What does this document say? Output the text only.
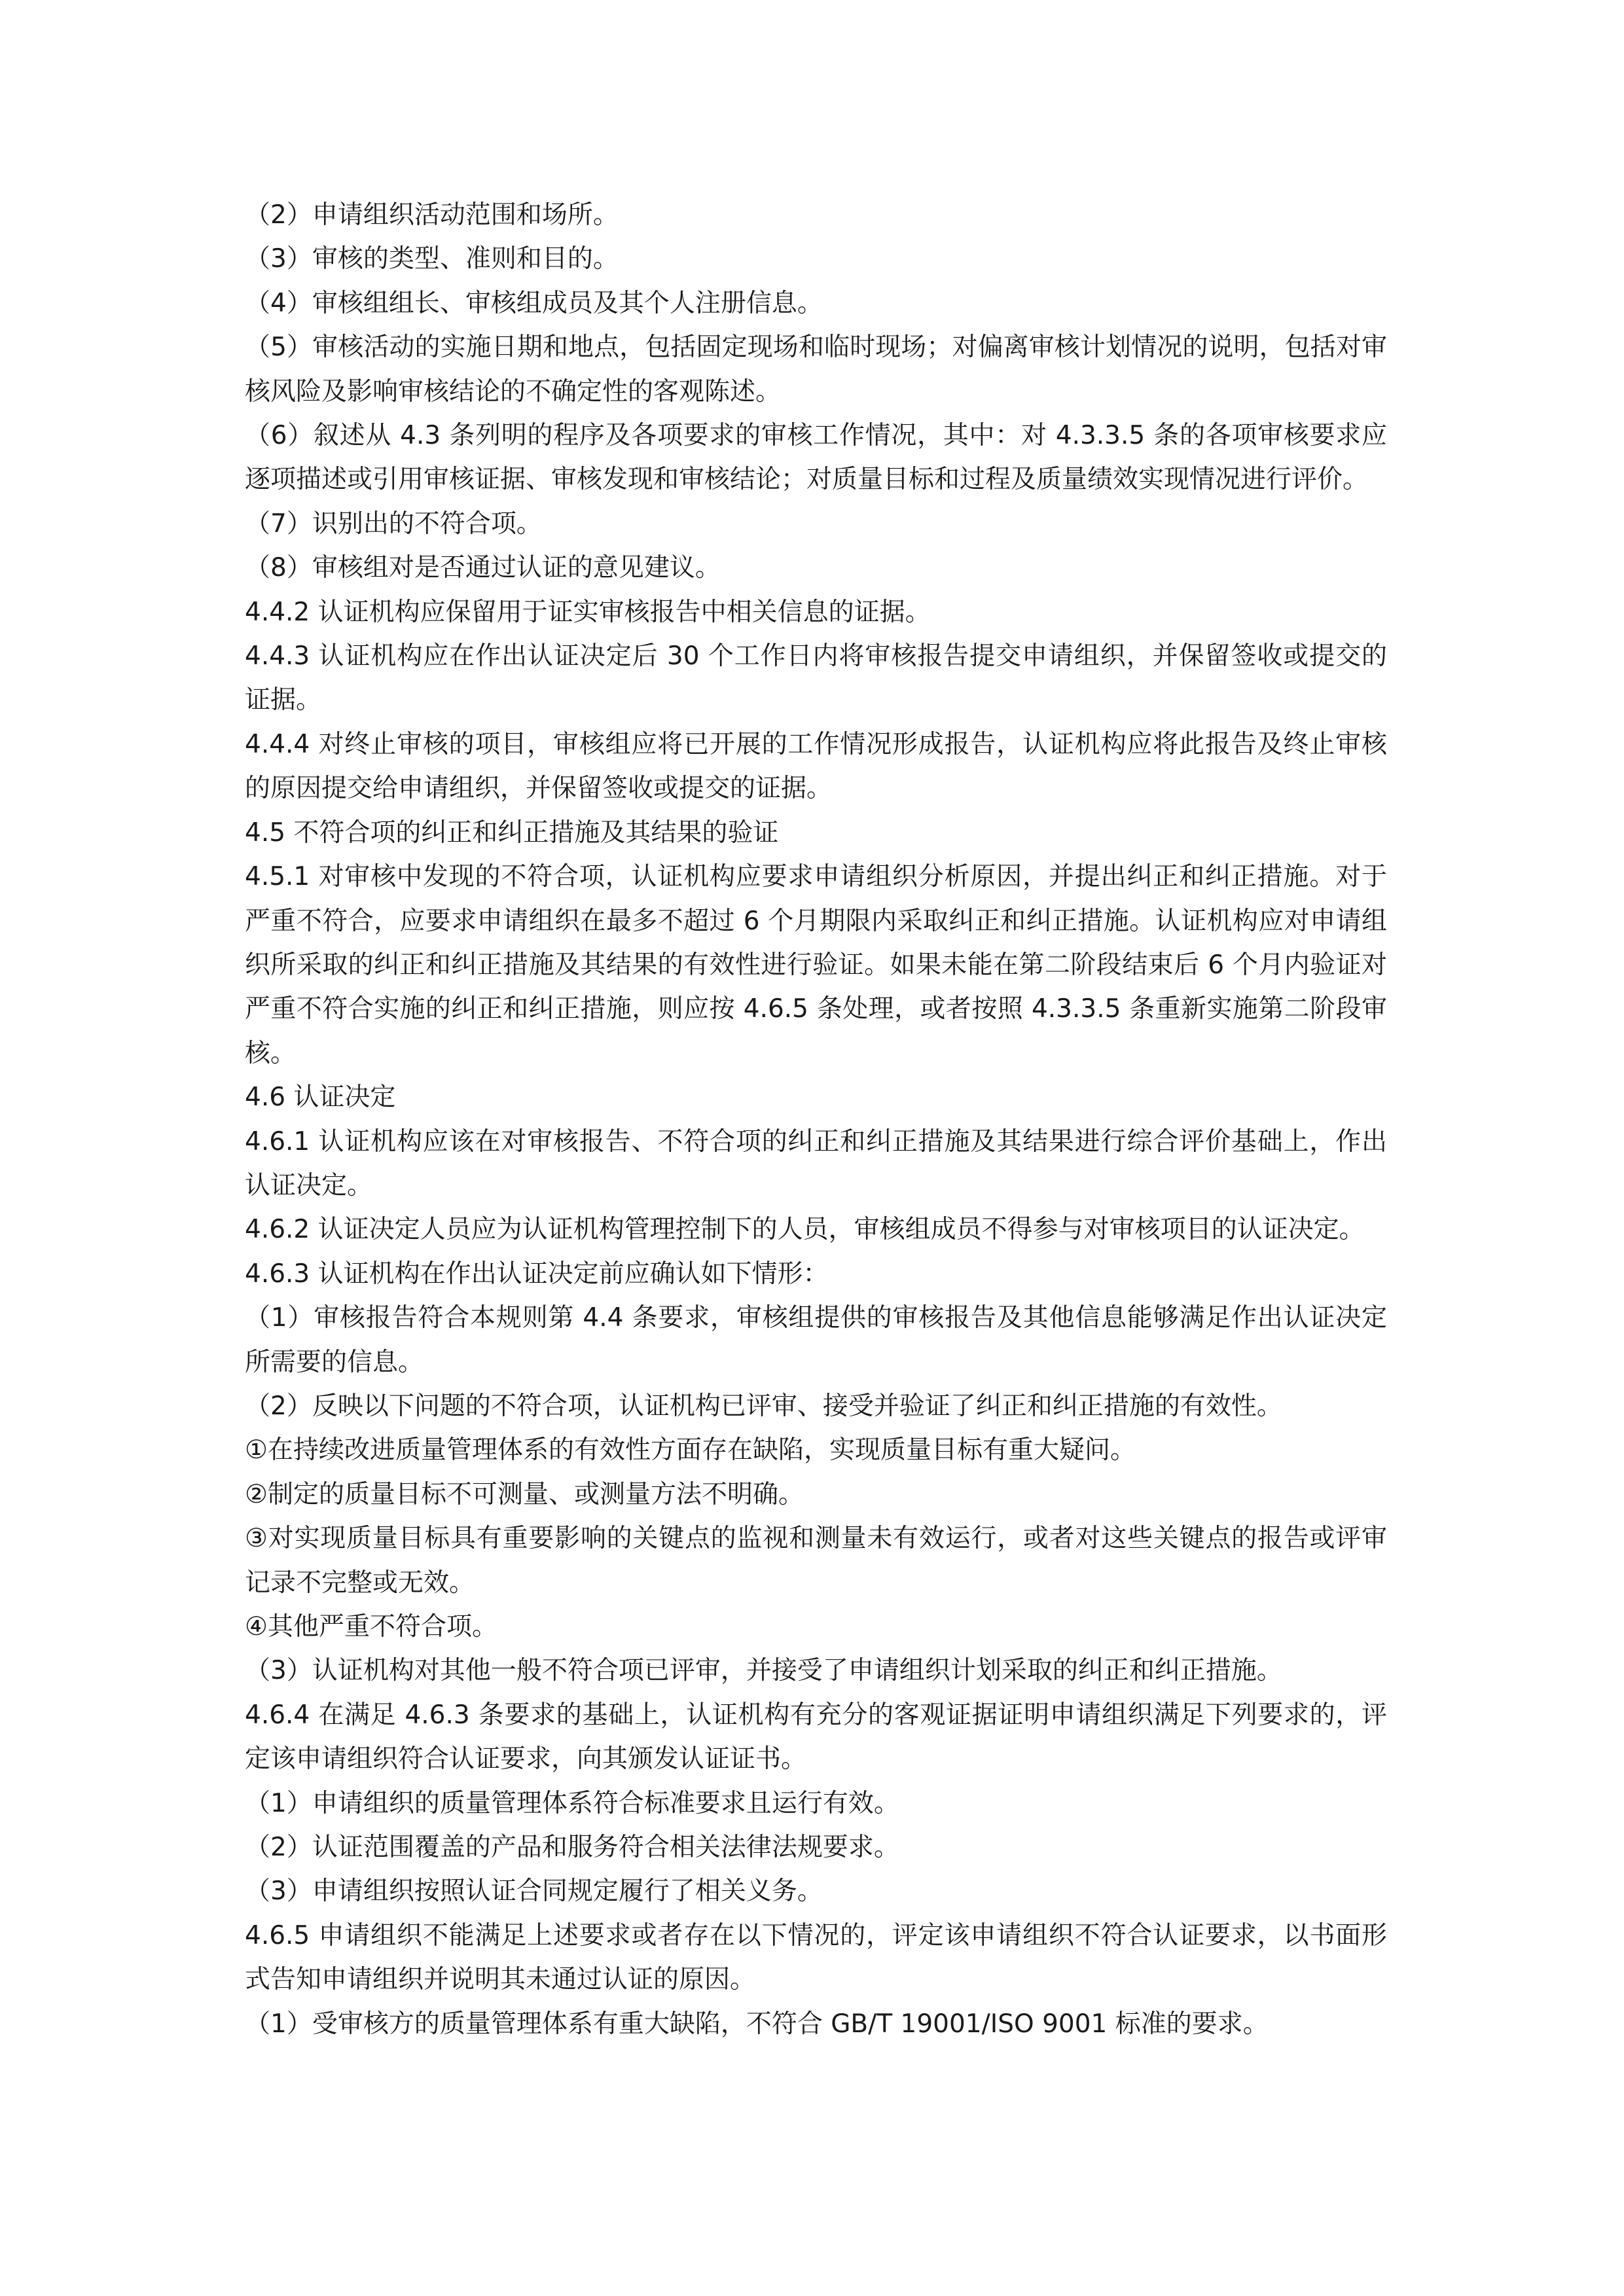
（2）申请组织活动范围和场所。

（3）审核的类型、准则和目的。

（4）审核组组长、审核组成员及其个人注册信息。

（5）审核活动的实施日期和地点，包括固定现场和临时现场；对偏离审核计划情况的说明，包括对审核风险及影响审核结论的不确定性的客观陈述。

（6）叙述从 4.3 条列明的程序及各项要求的审核工作情况，其中：对 4.3.3.5 条的各项审核要求应逐项描述或引用审核证据、审核发现和审核结论；对质量目标和过程及质量绩效实现情况进行评价。

（7）识别出的不符合项。

（8）审核组对是否通过认证的意见建议。

4.4.2 认证机构应保留用于证实审核报告中相关信息的证据。

4.4.3 认证机构应在作出认证决定后 30 个工作日内将审核报告提交申请组织，并保留签收或提交的证据。

4.4.4 对终止审核的项目，审核组应将已开展的工作情况形成报告，认证机构应将此报告及终止审核的原因提交给申请组织，并保留签收或提交的证据。

4.5 不符合项的纠正和纠正措施及其结果的验证

4.5.1 对审核中发现的不符合项，认证机构应要求申请组织分析原因，并提出纠正和纠正措施。对于严重不符合，应要求申请组织在最多不超过 6 个月期限内采取纠正和纠正措施。认证机构应对申请组织所采取的纠正和纠正措施及其结果的有效性进行验证。如果未能在第二阶段结束后 6 个月内验证对严重不符合实施的纠正和纠正措施，则应按 4.6.5 条处理，或者按照 4.3.3.5 条重新实施第二阶段审核。

4.6 认证决定

4.6.1 认证机构应该在对审核报告、不符合项的纠正和纠正措施及其结果进行综合评价基础上，作出认证决定。

4.6.2 认证决定人员应为认证机构管理控制下的人员，审核组成员不得参与对审核项目的认证决定。

4.6.3 认证机构在作出认证决定前应确认如下情形：

（1）审核报告符合本规则第 4.4 条要求，审核组提供的审核报告及其他信息能够满足作出认证决定所需要的信息。

（2）反映以下问题的不符合项，认证机构已评审、接受并验证了纠正和纠正措施的有效性。

①在持续改进质量管理体系的有效性方面存在缺陷，实现质量目标有重大疑问。

②制定的质量目标不可测量、或测量方法不明确。

③对实现质量目标具有重要影响的关键点的监视和测量未有效运行，或者对这些关键点的报告或评审记录不完整或无效。

④其他严重不符合项。

（3）认证机构对其他一般不符合项已评审，并接受了申请组织计划采取的纠正和纠正措施。

4.6.4 在满足 4.6.3 条要求的基础上，认证机构有充分的客观证据证明申请组织满足下列要求的，评定该申请组织符合认证要求，向其颁发认证证书。

（1）申请组织的质量管理体系符合标准要求且运行有效。

（2）认证范围覆盖的产品和服务符合相关法律法规要求。

（3）申请组织按照认证合同规定履行了相关义务。

4.6.5 申请组织不能满足上述要求或者存在以下情况的，评定该申请组织不符合认证要求，以书面形式告知申请组织并说明其未通过认证的原因。

（1）受审核方的质量管理体系有重大缺陷，不符合 GB/T 19001/ISO 9001 标准的要求。
